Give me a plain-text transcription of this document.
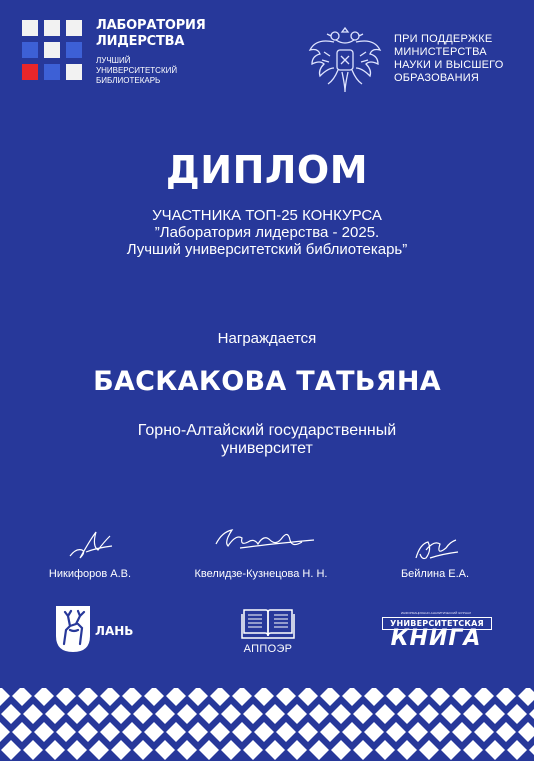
ЛАБОРАТОРИЯ
ЛИДЕРСТВА
ЛУЧШИЙ
УНИВЕРСИТЕТСКИЙ
БИБЛИОТЕКАРЬ
ПРИ ПОДДЕРЖКЕ
МИНИСТЕРСТВА
НАУКИ И ВЫСШЕГО
ОБРАЗОВАНИЯ
ДИПЛОМ
УЧАСТНИКА ТОП-25 КОНКУРСА
”Лаборатория лидерства - 2025.
Лучший университетский библиотекарь”
Награждается
БАСКАКОВА ТАТЬЯНА
Горно-Алтайский государственный
университет
Никифоров А.В.	Квелидзе-Кузнецова Н. Н.	Бейлина Е.А.
ЛАНЬ
АППОЭР
ИНФОРМАЦИОННО-АНАЛИТИЧЕСКИЙ ЖУРНАЛ
УНИВЕРСИТЕТСКАЯ
КНИГА
